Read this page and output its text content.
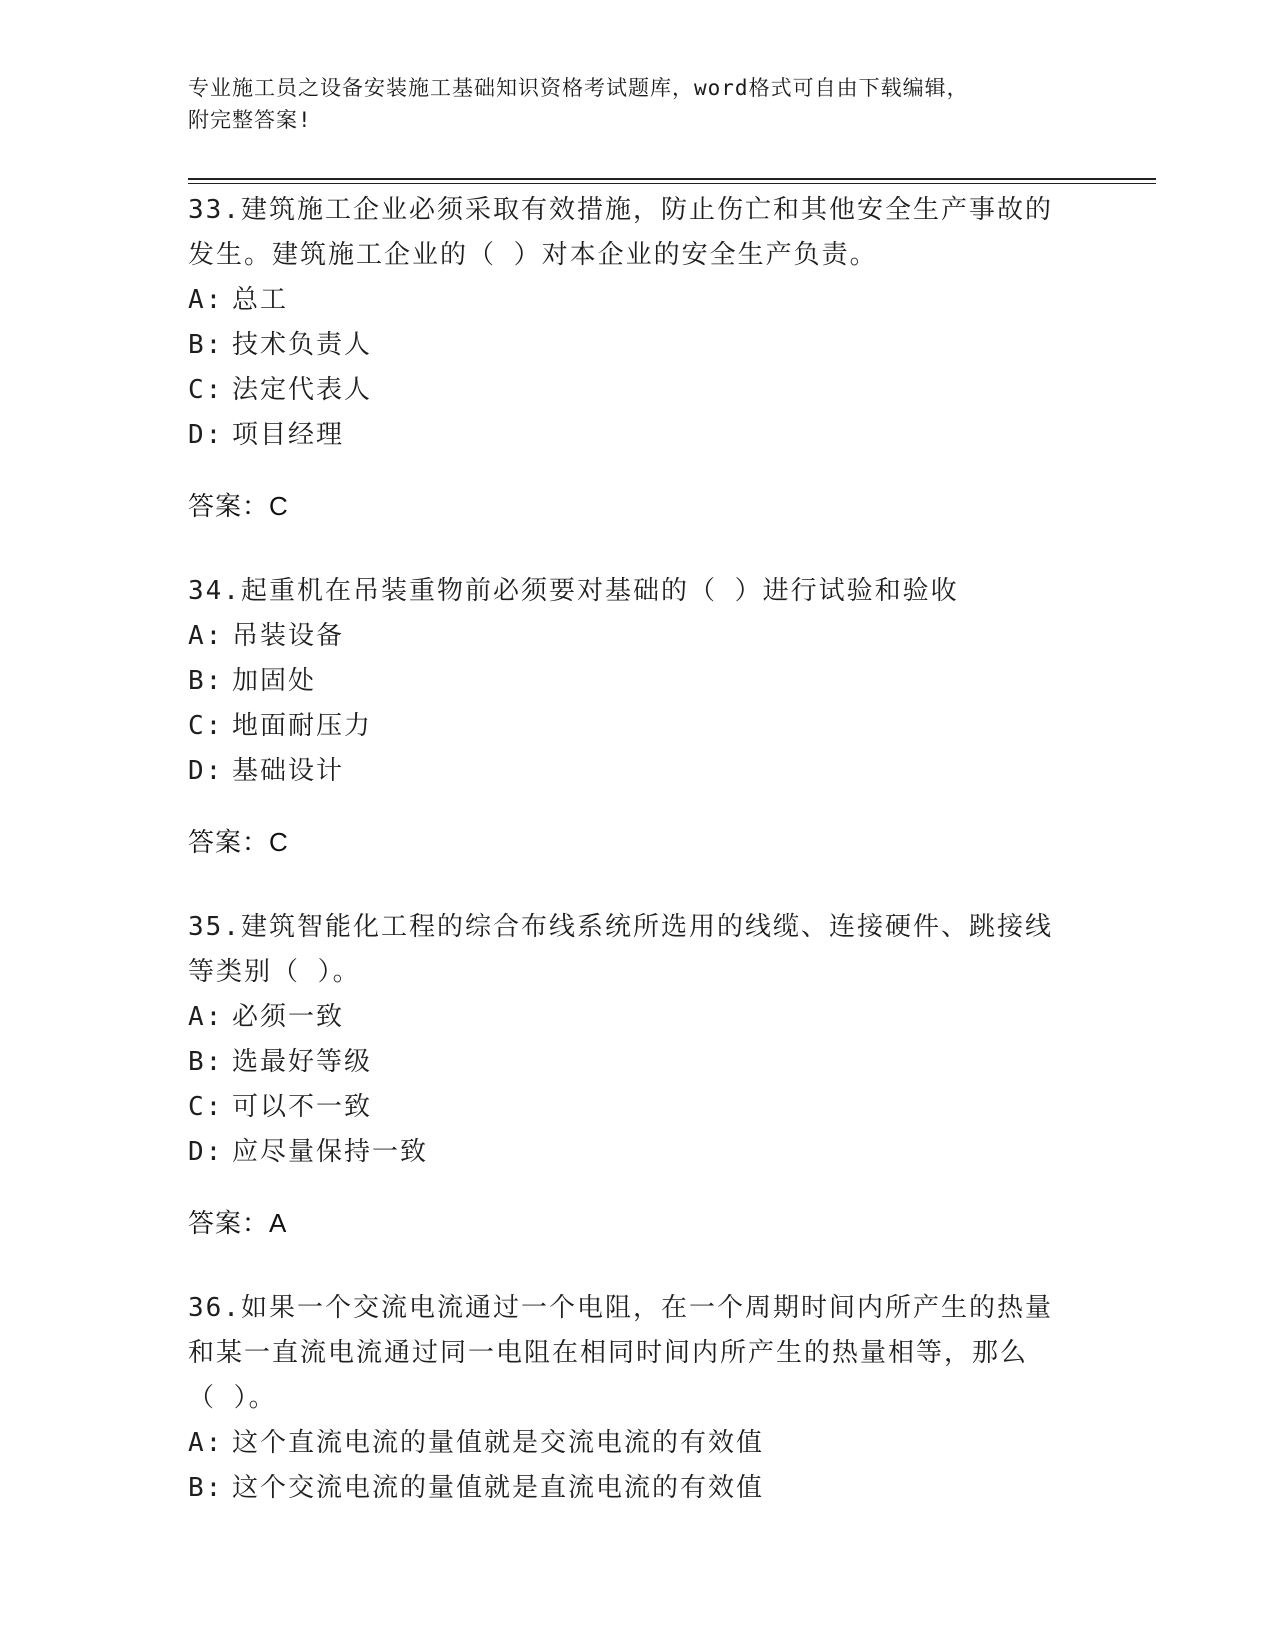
专业施工员之设备安装施工基础知识资格考试题库，word格式可自由下载编辑，
附完整答案!

33.建筑施工企业必须采取有效措施，防止伤亡和其他安全生产事故的

发生。建筑施工企业的（ ）对本企业的安全生产负责。

A: 总工

B: 技术负责人

C: 法定代表人

D: 项目经理

答案：C

34.起重机在吊装重物前必须要对基础的（ ）进行试验和验收

A: 吊装设备

B: 加固处

C: 地面耐压力

D: 基础设计

答案：C

35.建筑智能化工程的综合布线系统所选用的线缆、连接硬件、跳接线

等类别（ ）。

A: 必须一致

B: 选最好等级

C: 可以不一致

D: 应尽量保持一致

答案：A

36.如果一个交流电流通过一个电阻，在一个周期时间内所产生的热量

和某一直流电流通过同一电阻在相同时间内所产生的热量相等，那么

（ ）。

A: 这个直流电流的量值就是交流电流的有效值

B: 这个交流电流的量值就是直流电流的有效值
